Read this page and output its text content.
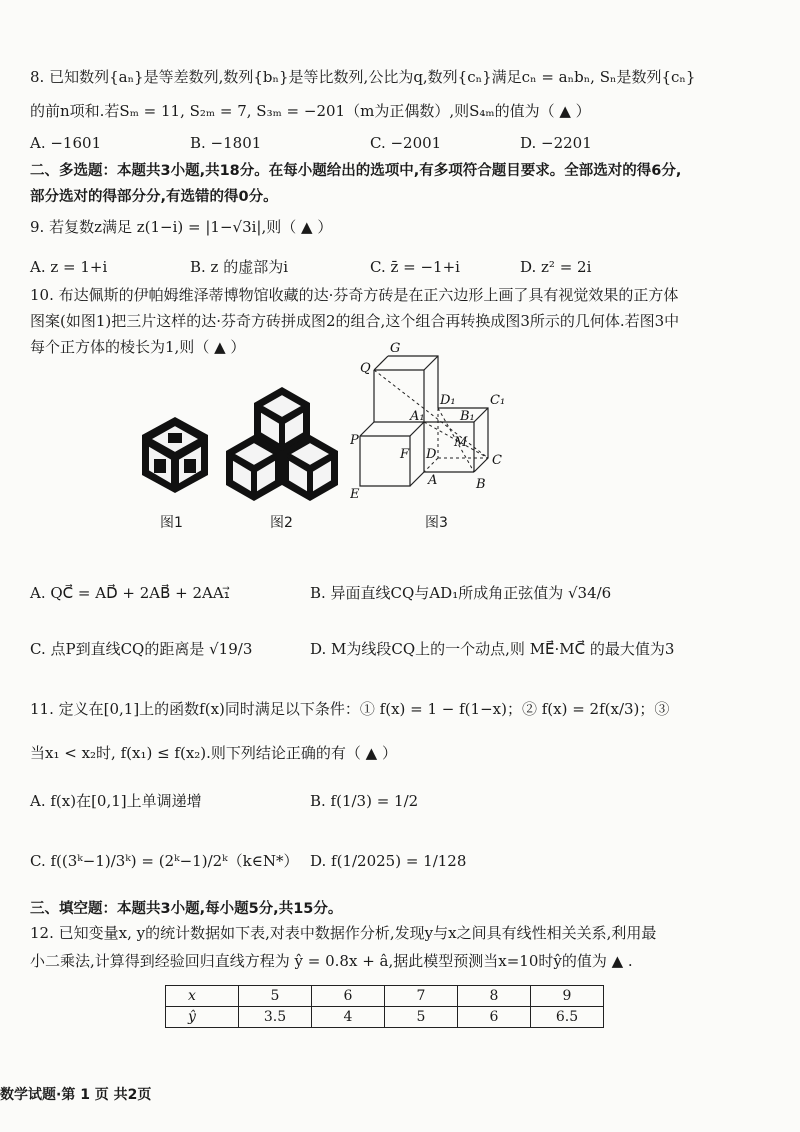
8. 已知数列{aₙ}是等差数列,数列{bₙ}是等比数列,公比为q,数列{cₙ}满足cₙ = aₙbₙ, Sₙ是数列{cₙ}
的前n项和.若Sₘ = 11, S₂ₘ = 7, S₃ₘ = −201（m为正偶数）,则S₄ₘ的值为（ ▲ ）
A. −1601	B. −1801	C. −2001	D. −2201
二、多选题：本题共3小题,共18分。在每小题给出的选项中,有多项符合题目要求。全部选对的得6分,
部分选对的得部分分,有选错的得0分。
9. 若复数z满足 z(1−i) = |1−√3i|,则（ ▲ ）
A. z = 1+i	B. z 的虚部为i	C. z̄ = −1+i	D. z² = 2i
10. 布达佩斯的伊帕姆维泽蒂博物馆收藏的达·芬奇方砖是在正六边形上画了具有视觉效果的正方体
图案(如图1)把三片这样的达·芬奇方砖拼成图2的组合,这个组合再转换成图3所示的几何体.若图3中
每个正方体的棱长为1,则（ ▲ ）	G
Q
D₁	C₁
A₁	B₁
P
F
M
D	C
E
A	B
图1	图2	图3
A. QC⃗ = AD⃗ + 2AB⃗ + 2AA₁⃗	B. 异面直线CQ与AD₁所成角正弦值为 √34/6
C. 点P到直线CQ的距离是 √19/3	D. M为线段CQ上的一个动点,则 ME⃗·MC⃗ 的最大值为3
11. 定义在[0,1]上的函数f(x)同时满足以下条件：① f(x) = 1 − f(1−x)；② f(x) = 2f(x/3)；③
当x₁ < x₂时, f(x₁) ≤ f(x₂).则下列结论正确的有（ ▲ ）
A. f(x)在[0,1]上单调递增	B. f(1/3) = 1/2
C. f((3ᵏ−1)/3ᵏ) = (2ᵏ−1)/2ᵏ（k∈N*） D. f(1/2025) = 1/128
三、填空题：本题共3小题,每小题5分,共15分。
12. 已知变量x, y的统计数据如下表,对表中数据作分析,发现y与x之间具有线性相关关系,利用最
小二乘法,计算得到经验回归直线方程为 ŷ = 0.8x + â,据此模型预测当x=10时ŷ的值为 ▲ .
x	5	6	7	8	9
ŷ	3.5	4	5	6	6.5
数学试题·第 1 页 共2页
